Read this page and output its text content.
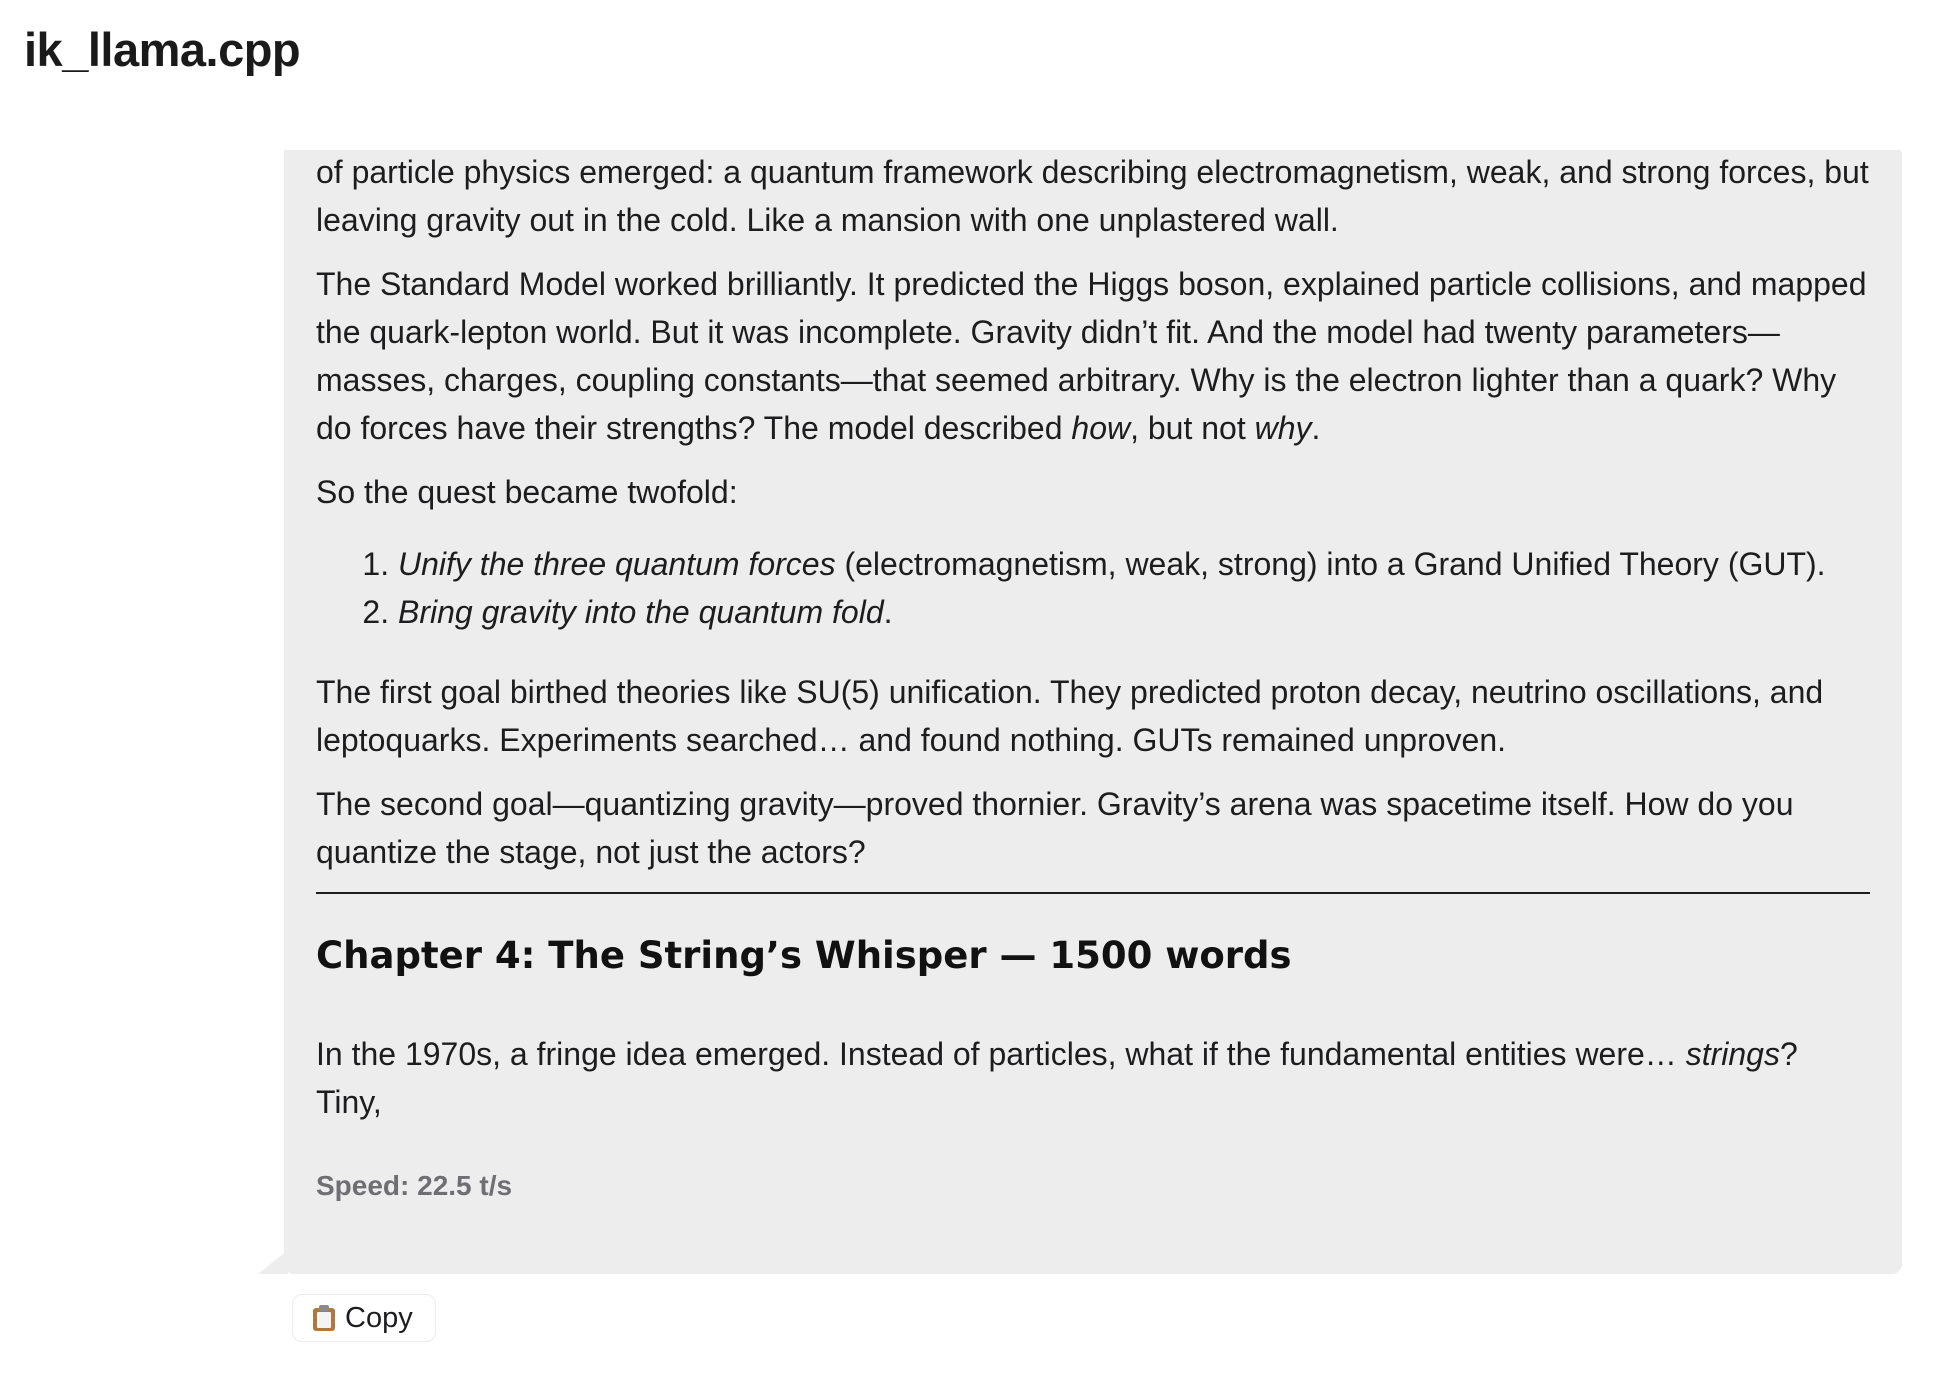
ik_llama.cpp

of particle physics emerged: a quantum framework describing electromagnetism, weak, and strong forces, but leaving gravity out in the cold. Like a mansion with one unplastered wall.

The Standard Model worked brilliantly. It predicted the Higgs boson, explained particle collisions, and mapped the quark-lepton world. But it was incomplete. Gravity didn’t fit. And the model had twenty parameters—masses, charges, coupling constants—that seemed arbitrary. Why is the electron lighter than a quark? Why do forces have their strengths? The model described how, but not why.

So the quest became twofold:

1. Unify the three quantum forces (electromagnetism, weak, strong) into a Grand Unified Theory (GUT).
2. Bring gravity into the quantum fold.

The first goal birthed theories like SU(5) unification. They predicted proton decay, neutrino oscillations, and leptoquarks. Experiments searched… and found nothing. GUTs remained unproven.

The second goal—quantizing gravity—proved thornier. Gravity’s arena was spacetime itself. How do you quantize the stage, not just the actors?

Chapter 4: The String’s Whisper — 1500 words

In the 1970s, a fringe idea emerged. Instead of particles, what if the fundamental entities were… strings? Tiny,

Speed: 22.5 t/s
Copy
